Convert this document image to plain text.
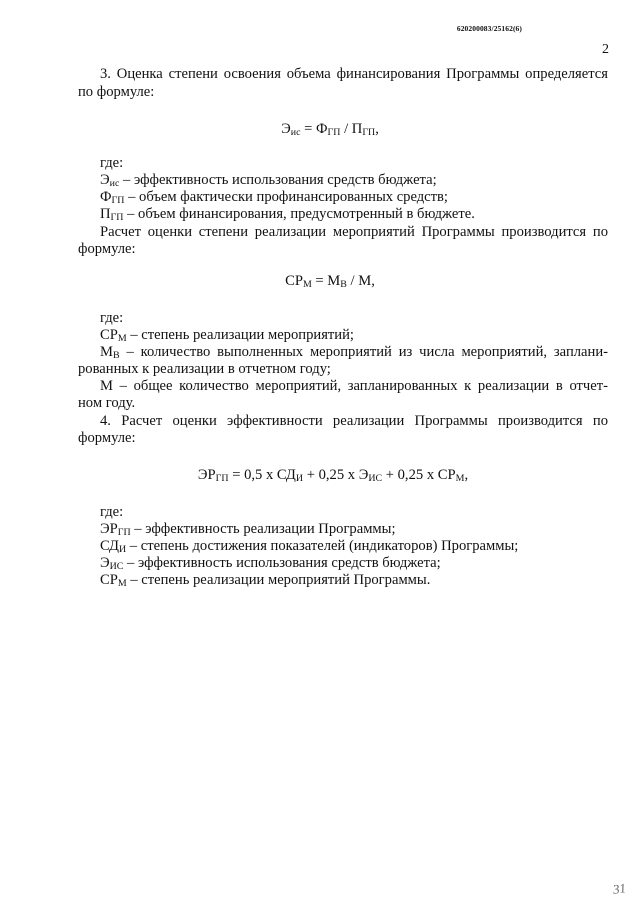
620200083/25162(6)
2
3. Оценка степени освоения объема финансирования Программы определяется
по формуле:
$Э_{ис} = Ф_{ГП} / П_{ГП}$,
где:
$Э_{ис}$ – эффективность использования средств бюджета;
$Ф_{ГП}$ – объем фактически профинансированных средств;
$П_{ГП}$ – объем финансирования, предусмотренный в бюджете.
Расчет оценки степени реализации мероприятий Программы производится по
формуле:
$СР_М = М_В / М$,
где:
$СР_М$ – степень реализации мероприятий;
$М_В$ – количество выполненных мероприятий из числа мероприятий, заплани-
рованных к реализации в отчетном году;
М – общее количество мероприятий, запланированных к реализации в отчет-
ном году.
4. Расчет оценки эффективности реализации Программы производится по
формуле:
$ЭР_{ГП} = 0,5$ х $СД_И + 0,25$ х $Э_{ИС} + 0,25$ х $СР_М$,
где:
$ЭР_{ГП}$ – эффективность реализации Программы;
$СД_И$ – степень достижения показателей (индикаторов) Программы;
$Э_{ИС}$ – эффективность использования средств бюджета;
$СР_М$ – степень реализации мероприятий Программы.
31
